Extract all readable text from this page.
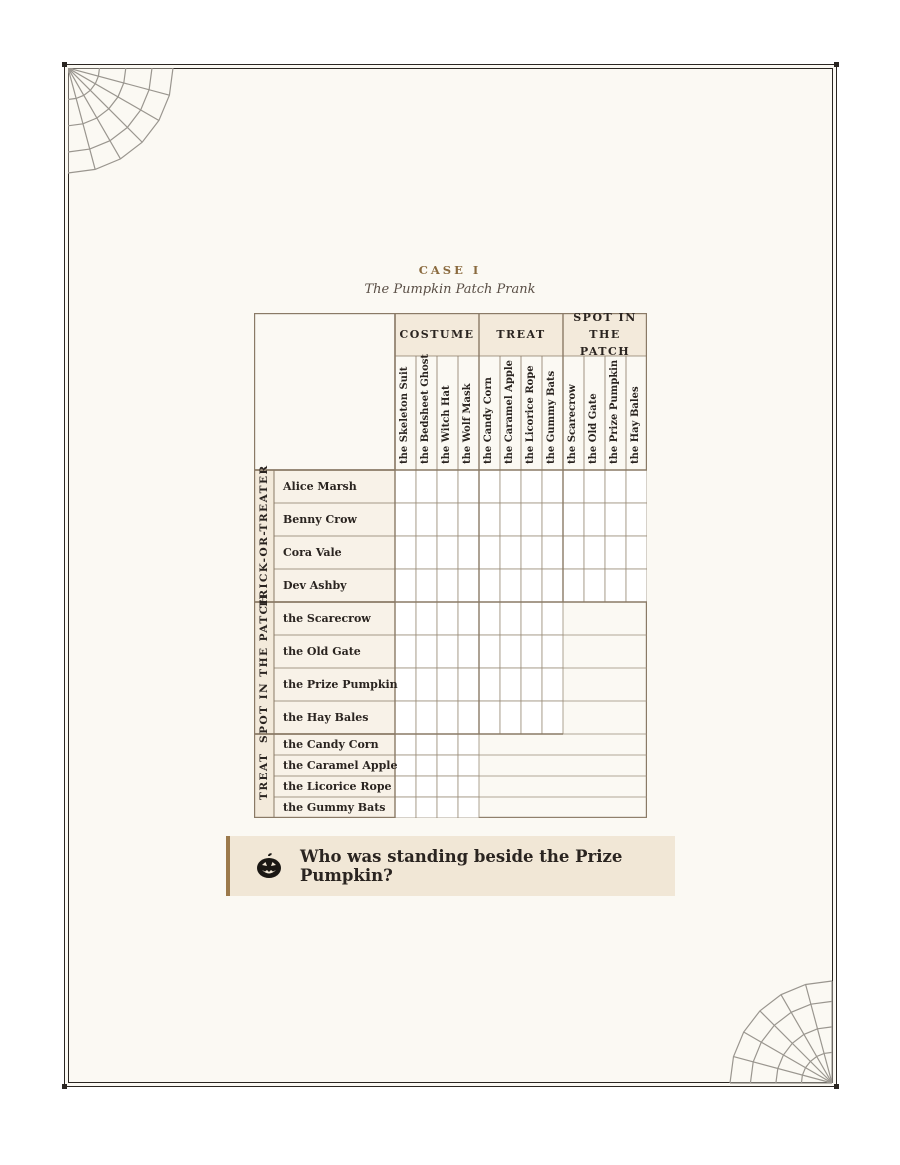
CASE I
The Pumpkin Patch Prank
COSTUME
the Skeleton Suit the Bedsheet Ghost the Witch Hat the Wolf Mask
TREAT
the Candy Corn the Caramel Apple the Licorice Rope the Gummy Bats
SPOT IN THE PATCH
the Scarecrow the Old Gate the Prize Pumpkin the Hay Bales
TRICK-OR-TREATER Alice Marsh
Benny Crow
Cora Vale
Dev Ashby
SPOT IN THE PATCH the Scarecrow
the Old Gate
the Prize Pumpkin
the Hay Bales
TREAT
the Candy Corn
the Caramel Apple
the Licorice Rope
the Gummy Bats
Who was standing beside the Prize Pumpkin?
